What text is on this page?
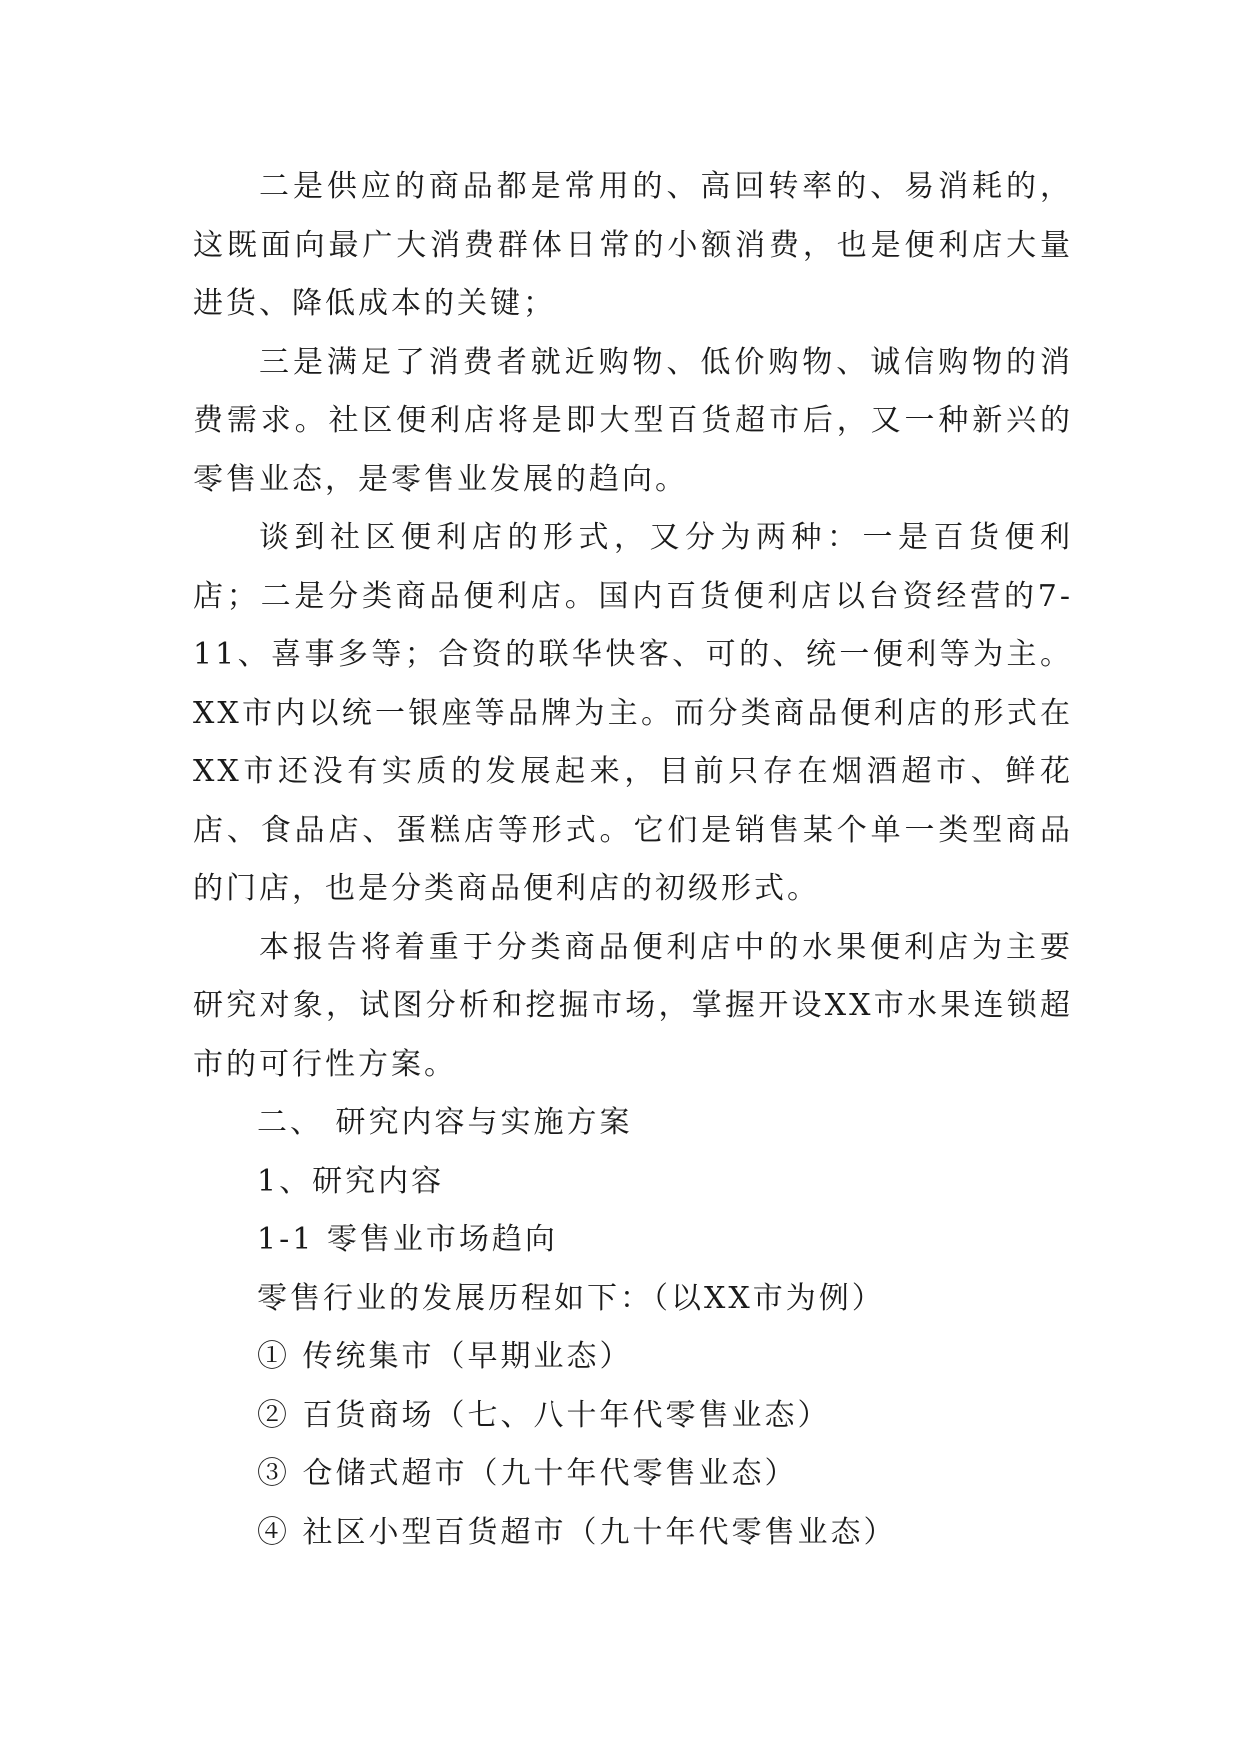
二是供应的商品都是常用的、高回转率的、易消耗的，这既面向最广大消费群体日常的小额消费，也是便利店大量进货、降低成本的关键；

三是满足了消费者就近购物、低价购物、诚信购物的消费需求。社区便利店将是即大型百货超市后，又一种新兴的零售业态，是零售业发展的趋向。

谈到社区便利店的形式，又分为两种：一是百货便利店；二是分类商品便利店。国内百货便利店以台资经营的7-11、喜事多等；合资的联华快客、可的、统一便利等为主。XX市内以统一银座等品牌为主。而分类商品便利店的形式在XX市还没有实质的发展起来，目前只存在烟酒超市、鲜花店、食品店、蛋糕店等形式。它们是销售某个单一类型商品的门店，也是分类商品便利店的初级形式。

本报告将着重于分类商品便利店中的水果便利店为主要研究对象，试图分析和挖掘市场，掌握开设XX市水果连锁超市的可行性方案。

二、 研究内容与实施方案

1、研究内容

1-1 零售业市场趋向

零售行业的发展历程如下：（以XX市为例）

① 传统集市（早期业态）

② 百货商场（七、八十年代零售业态）

③ 仓储式超市（九十年代零售业态）

④ 社区小型百货超市（九十年代零售业态）
